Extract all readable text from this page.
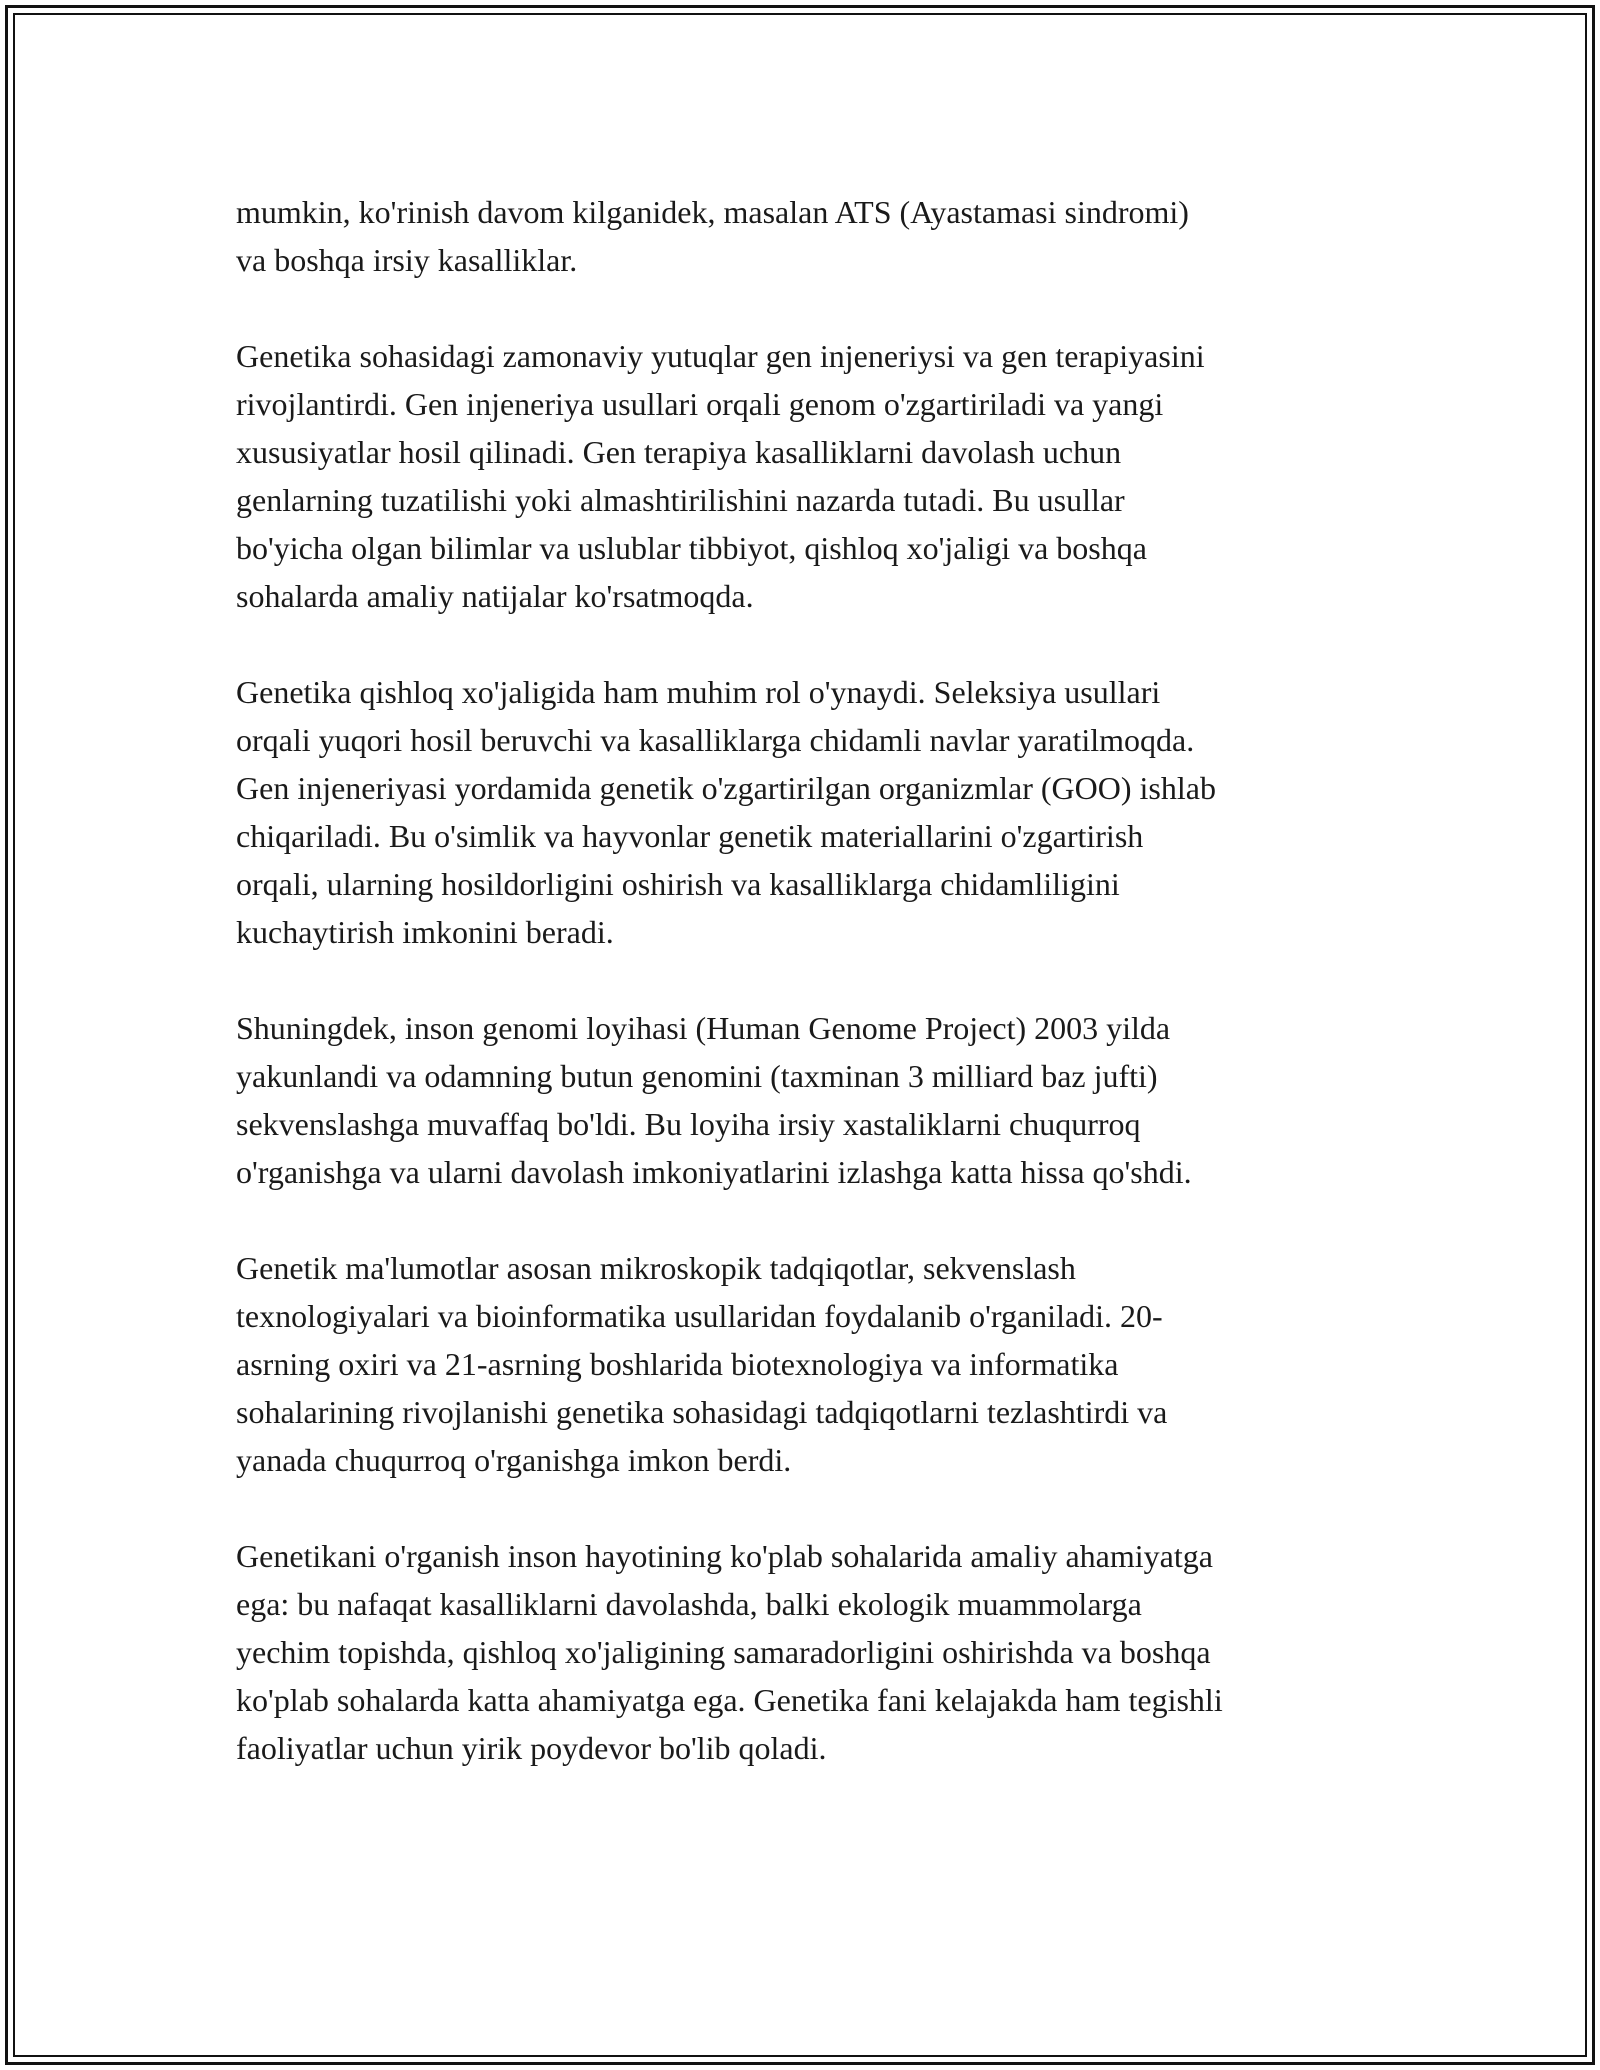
mumkin, ko'rinish davom kilganidek, masalan ATS (Ayastamasi sindromi)
va boshqa irsiy kasalliklar.

Genetika sohasidagi zamonaviy yutuqlar gen injeneriysi va gen terapiyasini
rivojlantirdi. Gen injeneriya usullari orqali genom o'zgartiriladi va yangi
xususiyatlar hosil qilinadi. Gen terapiya kasalliklarni davolash uchun
genlarning tuzatilishi yoki almashtirilishini nazarda tutadi. Bu usullar
bo'yicha olgan bilimlar va uslublar tibbiyot, qishloq xo'jaligi va boshqa
sohalarda amaliy natijalar ko'rsatmoqda.

Genetika qishloq xo'jaligida ham muhim rol o'ynaydi. Seleksiya usullari
orqali yuqori hosil beruvchi va kasalliklarga chidamli navlar yaratilmoqda.
Gen injeneriyasi yordamida genetik o'zgartirilgan organizmlar (GOO) ishlab
chiqariladi. Bu o'simlik va hayvonlar genetik materiallarini o'zgartirish
orqali, ularning hosildorligini oshirish va kasalliklarga chidamliligini
kuchaytirish imkonini beradi.

Shuningdek, inson genomi loyihasi (Human Genome Project) 2003 yilda
yakunlandi va odamning butun genomini (taxminan 3 milliard baz jufti)
sekvenslashga muvaffaq bo'ldi. Bu loyiha irsiy xastaliklarni chuqurroq
o'rganishga va ularni davolash imkoniyatlarini izlashga katta hissa qo'shdi.

Genetik ma'lumotlar asosan mikroskopik tadqiqotlar, sekvenslash
texnologiyalari va bioinformatika usullaridan foydalanib o'rganiladi. 20-
asrning oxiri va 21-asrning boshlarida biotexnologiya va informatika
sohalarining rivojlanishi genetika sohasidagi tadqiqotlarni tezlashtirdi va
yanada chuqurroq o'rganishga imkon berdi.

Genetikani o'rganish inson hayotining ko'plab sohalarida amaliy ahamiyatga
ega: bu nafaqat kasalliklarni davolashda, balki ekologik muammolarga
yechim topishda, qishloq xo'jaligining samaradorligini oshirishda va boshqa
ko'plab sohalarda katta ahamiyatga ega. Genetika fani kelajakda ham tegishli
faoliyatlar uchun yirik poydevor bo'lib qoladi.
